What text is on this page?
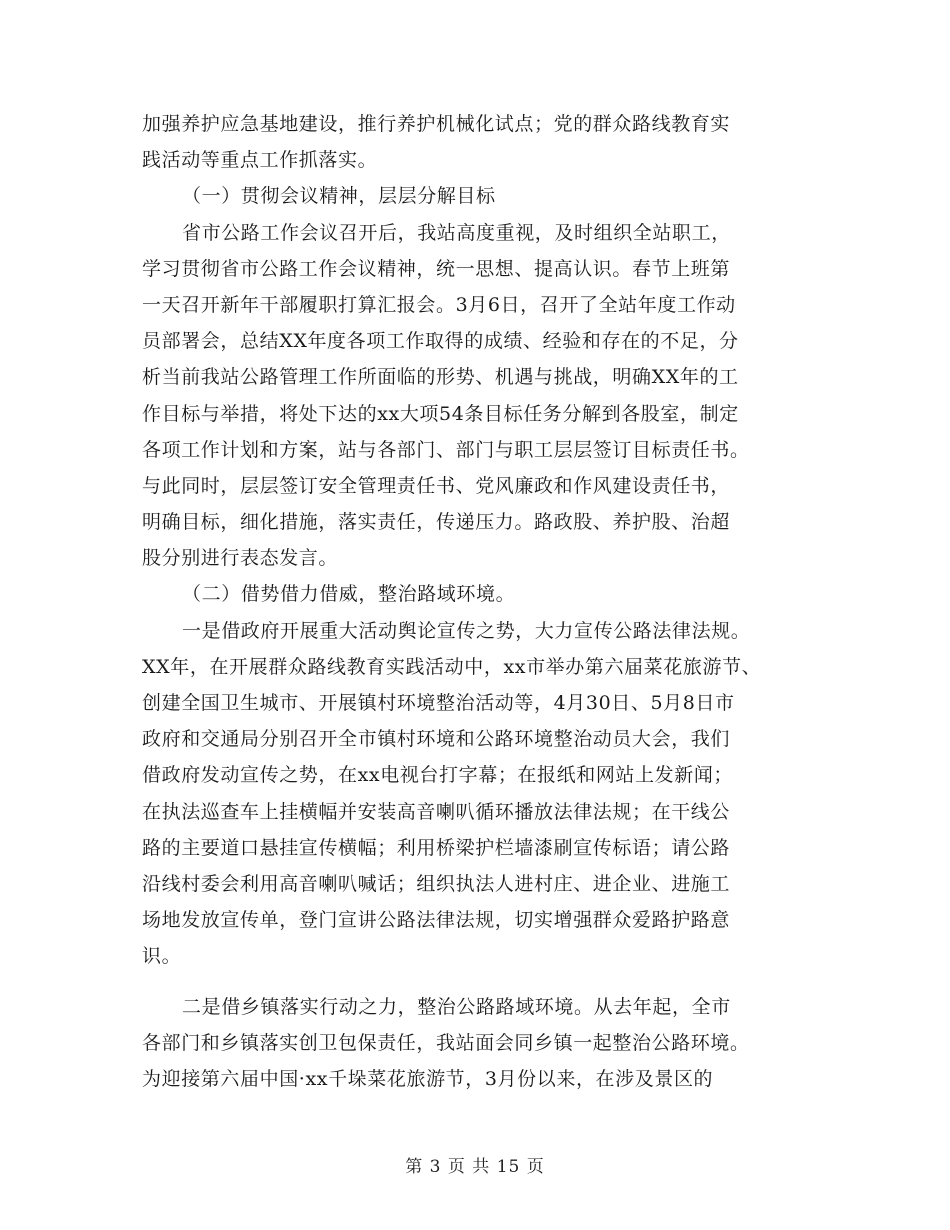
加强养护应急基地建设，推行养护机械化试点；党的群众路线教育实
践活动等重点工作抓落实。
（一）贯彻会议精神，层层分解目标
省市公路工作会议召开后，我站高度重视，及时组织全站职工，
学习贯彻省市公路工作会议精神，统一思想、提高认识。春节上班第
一天召开新年干部履职打算汇报会。3月6日，召开了全站年度工作动
员部署会，总结XX年度各项工作取得的成绩、经验和存在的不足，分
析当前我站公路管理工作所面临的形势、机遇与挑战，明确XX年的工
作目标与举措，将处下达的xx大项54条目标任务分解到各股室，制定
各项工作计划和方案，站与各部门、部门与职工层层签订目标责任书。
与此同时，层层签订安全管理责任书、党风廉政和作风建设责任书，
明确目标，细化措施，落实责任，传递压力。路政股、养护股、治超
股分别进行表态发言。
（二）借势借力借威，整治路域环境。
一是借政府开展重大活动舆论宣传之势，大力宣传公路法律法规。
XX年，在开展群众路线教育实践活动中，xx市举办第六届菜花旅游节、
创建全国卫生城市、开展镇村环境整治活动等，4月30日、5月8日市
政府和交通局分别召开全市镇村环境和公路环境整治动员大会，我们
借政府发动宣传之势，在xx电视台打字幕；在报纸和网站上发新闻；
在执法巡查车上挂横幅并安装高音喇叭循环播放法律法规；在干线公
路的主要道口悬挂宣传横幅；利用桥梁护栏墙漆刷宣传标语；请公路
沿线村委会利用高音喇叭喊话；组织执法人进村庄、进企业、进施工
场地发放宣传单，登门宣讲公路法律法规，切实增强群众爱路护路意
识。
二是借乡镇落实行动之力，整治公路路域环境。从去年起，全市
各部门和乡镇落实创卫包保责任，我站面会同乡镇一起整治公路环境。
为迎接第六届中国·xx千垛菜花旅游节，3月份以来，在涉及景区的
第 3 页 共 15 页
